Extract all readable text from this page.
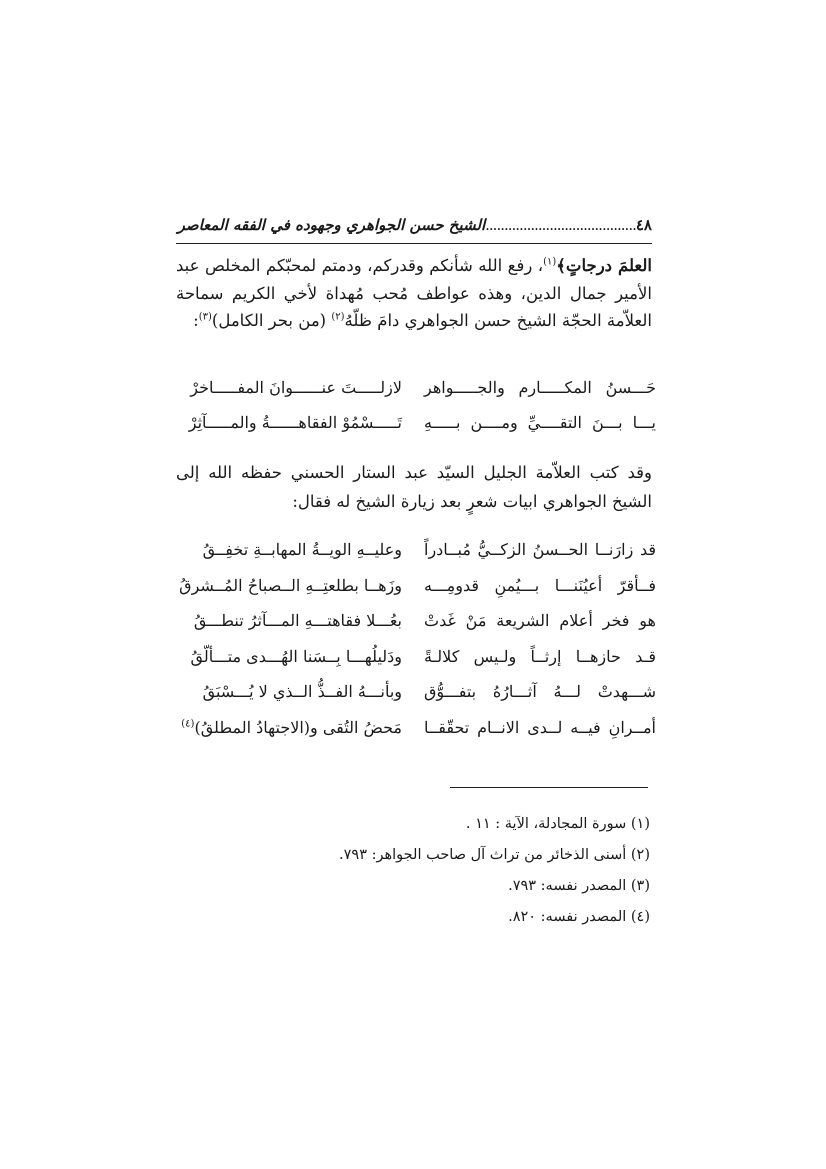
٤٨
........................................
الشيخ حسن الجواهري وجهوده في الفقه المعاصر
العلمَ درجاتٍ﴾$^{(١)}$، رفع الله شأنكم وقدركم، ودمتم لمحبّكم المخلص عبد الأمير جمال الدين، وهذه عواطف مُحب مُهداة لأخي الكريم سماحة العلاّمة الحجّة الشيخ حسن الجواهري دامَ ظلّهُ$^{(٢)}$ (من بحر الكامل)$^{(٣)}$:
حَـــسنُ المكـــــارم والجـــــواهر
لازلـــــتَ عنــــــوانَ المفـــــاخرْ
يـــا بـــنَ التقــــيِّ ومــــن بـــــهِ
تَـــــسْمُوْ الفقاهــــــةُ والمـــــآثِرْ
وقد كتب العلاّمة الجليل السيّد عبد الستار الحسني حفظه الله إلى الشيخ الجواهري ابيات شعرٍ بعد زيارة الشيخ له فقال:
قد زارَنــا الحــسنُ الزكــيُّ مُبــادراً
وعليــهِ الويــةُ المهابــةِ تخفِــقُ
فــأقرّ أعيُنَنـــا بـــيُمنِ قدومِـــه
وزَهــا بطلعتِــهِ الــصباحُ المُــشرقُ
هو فخر أعلام الشريعة مَنْ غَدتْ
بعُـــلا فقاهتـــهِ المـــآثرُ تنطـــقُ
قـد حازهــا إرثــاً ولـيس كلالـةً
ودَليلُهـــا بِــسَنا الهُـــدى متـــألّقُ
شـــهدتْ لـــهُ آثـــارُهُ بتفـــوُّق
وبأنـــهُ الفــذُّ الــذي لا يُـــسْبَقُ
أمــرانِ فيــه لــدى الانــام تحقّقــا
مَحضُ التُقى و(الاجتهادُ المطلقُ)$^{(٤)}$
(١) سورة المجادلة، الآية : ١١ .
(٢) أسنى الذخائر من تراث آل صاحب الجواهر: ٧٩٣.
(٣) المصدر نفسه: ٧٩٣.
(٤) المصدر نفسه: ٨٢٠.
